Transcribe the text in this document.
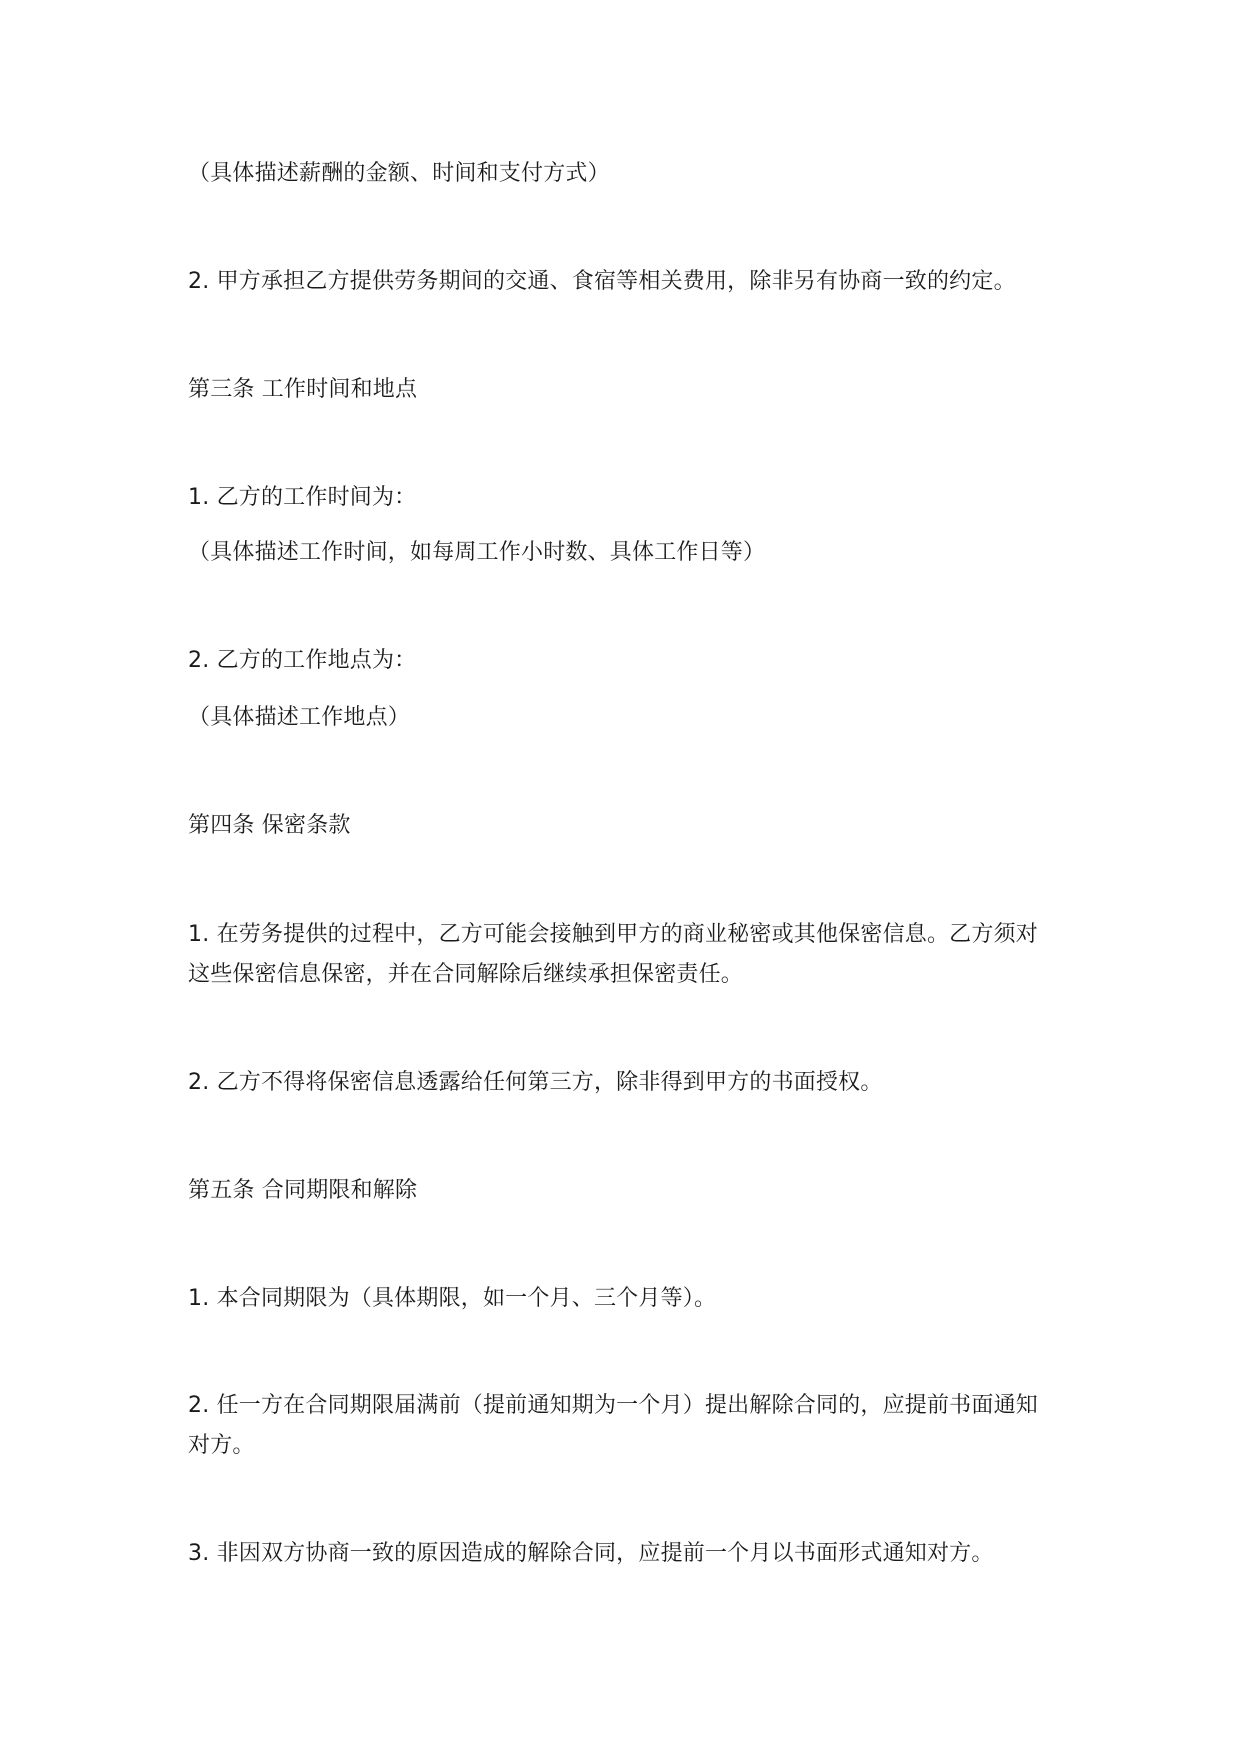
（具体描述薪酬的金额、时间和支付方式）
2. 甲方承担乙方提供劳务期间的交通、食宿等相关费用，除非另有协商一致的约定。
第三条 工作时间和地点
1. 乙方的工作时间为：
（具体描述工作时间，如每周工作小时数、具体工作日等）
2. 乙方的工作地点为：
（具体描述工作地点）
第四条 保密条款
1. 在劳务提供的过程中，乙方可能会接触到甲方的商业秘密或其他保密信息。乙方须对这些保密信息保密，并在合同解除后继续承担保密责任。
2. 乙方不得将保密信息透露给任何第三方，除非得到甲方的书面授权。
第五条 合同期限和解除
1. 本合同期限为（具体期限，如一个月、三个月等）。
2. 任一方在合同期限届满前（提前通知期为一个月）提出解除合同的，应提前书面通知对方。
3. 非因双方协商一致的原因造成的解除合同，应提前一个月以书面形式通知对方。
